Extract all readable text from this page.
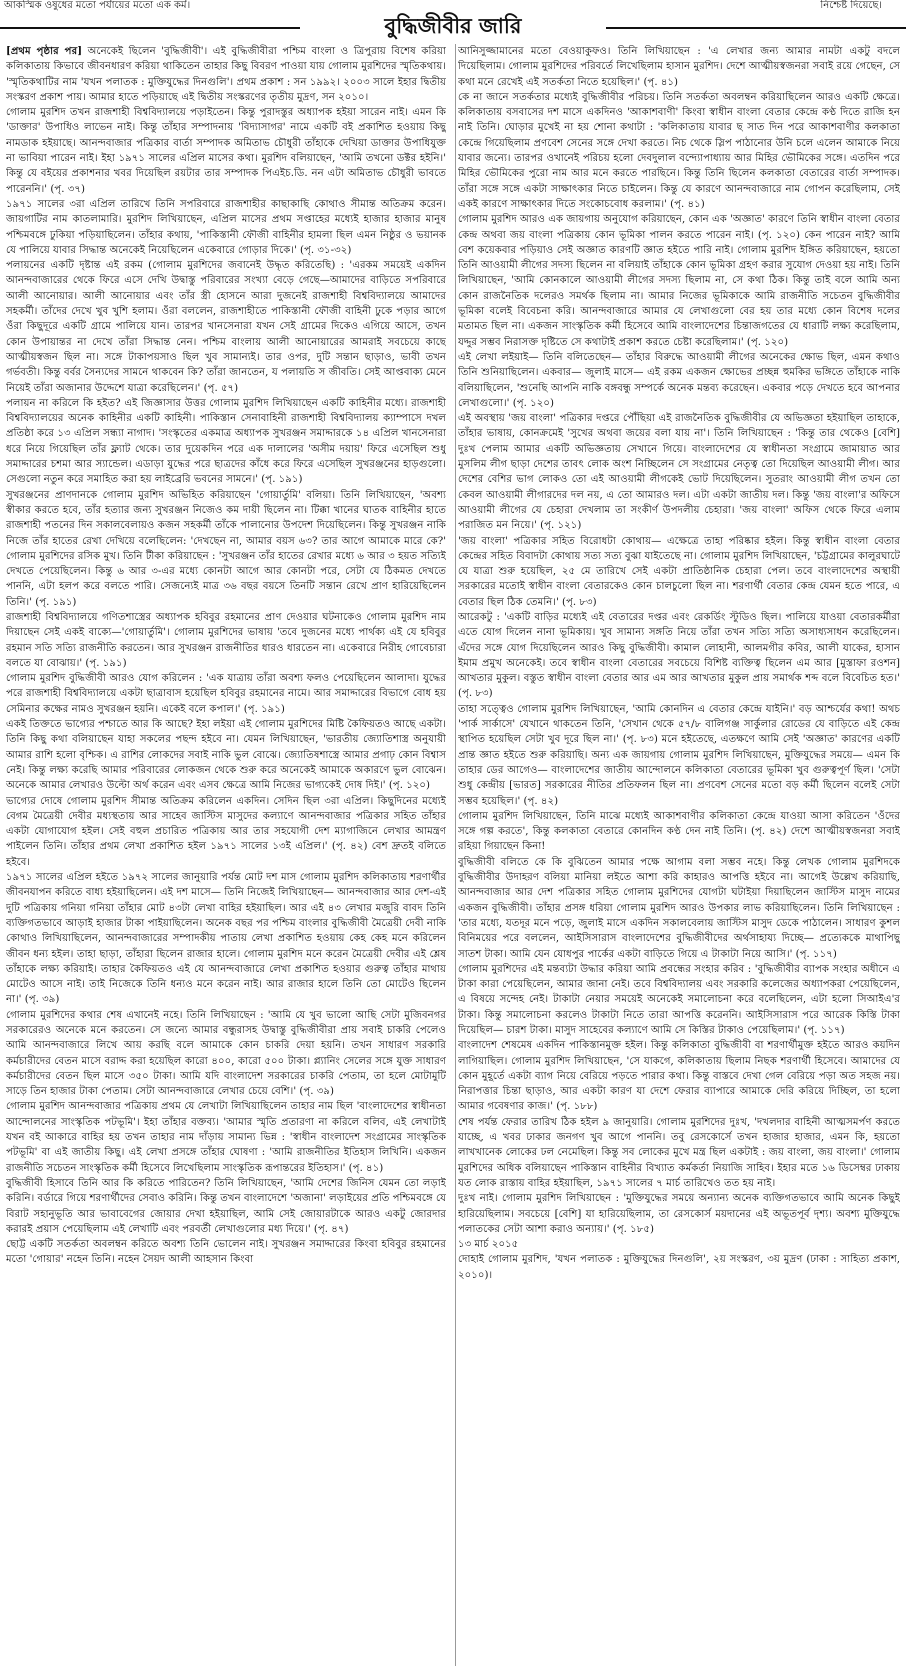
আকস্মিক ওষুধের মতো পর্যায়ের মতো এক কর্ম।	নিশ্চেষ্ট দিয়েছে।
বুদ্ধিজীবীর জারি

[প্রথম পৃষ্ঠার পর] অনেকেই ছিলেন 'বুদ্ধিজীবী'। এই বুদ্ধিজীবীরা পশ্চিম বাংলা ও ত্রিপুরায় বিশেষ করিয়া কলিকাতায় কিভাবে জীবনধারণ করিয়া থাকিতেন তাহার কিছু বিবরণ পাওয়া যায় গোলাম মুরশিদের স্মৃতিকথায়। 'স্মৃতিকথাটির নাম 'যখন পলাতক : মুক্তিযুদ্ধের দিনগুলি'। প্রথম প্রকাশ : সন ১৯৯২। ২০০৩ সালে ইহার দ্বিতীয় সংস্করণ প্রকাশ পায়। আমার হাতে পড়িয়াছে এই দ্বিতীয় সংস্করণের তৃতীয় মুদ্রণ, সন ২০১০।

গোলাম মুরশিদ তখন রাজশাহী বিশ্ববিদ্যালয়ে পড়াইতেন। কিন্তু পুরাদস্তুর অধ্যাপক হইয়া সারেন নাই। এমন কি 'ডাক্তার' উপাধিও লাভেন নাই। কিন্তু তাঁহার সম্পাদনায় 'বিদ্যাসাগর' নামে একটি বই প্রকাশিত হওয়ায় কিছু নামডাক হইয়াছে। আনন্দবাজার পত্রিকার বার্তা সম্পাদক অমিতাভ চৌধুরী তাঁহাকে দেখিয়া ডাক্তার উপাধিযুক্ত না ভাবিয়া পারেন নাই। ইহা ১৯৭১ সালের এপ্রিল মাসের কথা। মুরশিদ বলিয়াছেন, 'আমি তখনো ডক্টর হইনি।' কিন্তু যে বইয়ের প্রকাশনার খবর দিয়েছিল রয়টার তার সম্পাদক পিএইচ.ডি. নন এটা অমিতাভ চৌধুরী ভাবতে পারেননি।' (পৃ. ৩৭)

১৯৭১ সালের ৩রা এপ্রিল তারিখে তিনি সপরিবারে রাজশাহীর কাছাকাছি কোথাও সীমান্ত অতিক্রম করেন। জায়গাটির নাম কাতলামারি। মুরশিদ লিখিয়াছেন, এপ্রিল মাসের প্রথম সপ্তাহের মধ্যেই হাজার হাজার মানুষ পশ্চিমবঙ্গে ঢুকিয়া পড়িয়াছিলেন। তাঁহার কথায়, 'পাকিস্তানী ফৌজী বাহিনীর হামলা ছিল এমন নিষ্ঠুর ও ভয়ানক যে পালিয়ে যাবার সিদ্ধান্ত অনেকেই নিয়েছিলেন একেবারে গোড়ার দিকে।' (পৃ. ৩১-৩২)

পলায়নের একটি দৃষ্টান্ত এই রকম (গোলাম মুরশিদের জবানেই উদ্ধৃত করিতেছি) : 'এরকম সময়েই একদিন আনন্দবাজারের থেকে ফিরে এসে দেখি উদ্বাস্তু পরিবারের সংখ্যা বেড়ে গেছে—আমাদের বাড়িতে সপরিবারে আলী আনোয়ার। আলী আনোয়ার এবং তাঁর স্ত্রী হোসনে আরা দুজনেই রাজশাহী বিশ্ববিদ্যালয়ে আমাদের সহকর্মী। তাঁদের দেখে খুব খুশি হলাম। ওঁরা বললেন, রাজশাহীতে পাকিস্তানী ফৌজী বাহিনী ঢুকে পড়ার আগে ওঁরা কিছুদূরে একটি গ্রামে পালিয়ে যান। তারপর খানসেনারা যখন সেই গ্রামের দিকেও এগিয়ে আসে, তখন কোন উপায়ান্তর না দেখে তাঁরা সিদ্ধান্ত নেন। পশ্চিম বাংলায় আলী আনোয়ারের আমরাই সবচেয়ে কাছে আত্মীয়স্বজন ছিল না। সঙ্গে টাকাপয়সাও ছিল খুব সামান্যই। তার ওপর, দুটি সন্তান ছাড়াও, ভাবী তখন গর্ভবতী। কিন্তু বর্বর সৈন্যদের সামনে থাকবেন কি? তাঁরা জানতেন, য পলায়তি স জীবতি। সেই আপ্তবাক্য মেনে নিয়েই তাঁরা অজানার উদ্দেশে যাত্রা করেছিলেন।' (পৃ. ৫৭)

পলায়ন না করিলে কি হইত? এই জিজ্ঞাসার উত্তর গোলাম মুরশিদ লিখিয়াছেন একটি কাহিনীর মধ্যে। রাজশাহী বিশ্ববিদ্যালয়ের অনেক কাহিনীর একটি কাহিনী। পাকিস্তান সেনাবাহিনী রাজশাহী বিশ্ববিদ্যালয় ক্যাম্পাসে দখল প্রতিষ্ঠা করে ১৩ এপ্রিল সন্ধ্যা নাগাদ। 'সংস্কৃতের একমাত্র অধ্যাপক সুখরঞ্জন সমাদ্দারকে ১৪ এপ্রিল খানসেনারা ধরে নিয়ে গিয়েছিল তাঁর ফ্ল্যাট থেকে। তার দুয়েকদিন পরে এক দালালের 'অসীম দয়ায়' ফিরে এসেছিল শুধু সমাদ্দারের চশমা আর স্যান্ডেল। এডাড়া যুদ্ধের পরে ছাত্রদের কাঁধে করে ফিরে এসেছিল সুখরঞ্জনের হাড়গুলো। সেগুলো নতুন করে সমাহিত করা হয় লাইব্রেরি ভবনের সামনে।' (পৃ. ১৯১)

সুখরঞ্জনের প্রাণদানকে গোলাম মুরশিদ অভিহিত করিয়াছেন 'গোয়ার্তুমি' বলিয়া। তিনি লিখিয়াছেন, 'অবশ্য স্বীকার করতে হবে, তাঁর হত্যার জন্য সুখরঞ্জন নিজেও কম দায়ী ছিলেন না। টিক্কা খানের ঘাতক বাহিনীর হাতে রাজশাহী পতনের দিন সকালবেলায়ও কজন সহকর্মী তাঁকে পালানোর উপদেশ দিয়েছিলেন। কিন্তু সুখরঞ্জন নাকি নিজে তাঁর হাতের রেখা দেখিয়ে বলেছিলেন: 'দেখছেন না, আমার বয়স ৬৩? তার আগে আমাকে মারে কে?' গোলাম মুরশিদের রসিক মুখ। তিনি টীকা করিয়াছেন : 'সুখরঞ্জন তাঁর হাতের রেখার মধ্যে ৬ আর ৩ হয়ত সত্যিই দেখতে পেয়েছিলেন। কিন্তু ৬ আর ৩-এর মধ্যে কোনটা আগে আর কোনটা পরে, সেটা যে ঠিকমত দেখতে পাননি, এটা হলপ করে বলতে পারি। সেজন্যেই মাত্র ৩৬ বছর বয়সে তিনটি সন্তান রেখে প্রাণ হারিয়েছিলেন তিনি।' (পৃ. ১৯১)

রাজশাহী বিশ্ববিদ্যালয়ে গণিতশাস্ত্রের অধ্যাপক হবিবুর রহমানের প্রাণ দেওয়ার ঘটনাকেও গোলাম মুরশিদ নাম দিয়াছেন সেই একই বাক্যে—'গোয়ার্তুমি'। গোলাম মুরশিদের ভাষায় 'তবে দুজনের মধ্যে পার্থক্য এই যে হবিবুর রহমান সতি সত্যি রাজনীতি করতেন। আর সুখরঞ্জন রাজনীতির ধারও ধারতেন না। একেবারে নিরীহ গোবেচারা বলতে যা বোঝায়।' (পৃ. ১৯১)

গোলাম মুরশিদ বুদ্ধিজীবী আরও যোগ করিলেন : 'এক যাত্রায় তাঁরা অবশ্য ফলও পেয়েছিলেন আলাদা। যুদ্ধের পরে রাজশাহী বিশ্ববিদ্যালয়ে একটা ছাত্রাবাস হয়েছিল হবিবুর রহমানের নামে। আর সমাদ্দারের বিভাগে বোধ হয় সেমিনার কক্ষের নামও সুখরঞ্জন হয়নি। একেই বলে কপাল।' (পৃ. ১৯১)

একই তিক্ততে ভাগ্যের পশ্চাতে আর কি আছে? ইহা লইয়া এই গোলাম মুরশিদের মিষ্টি কৈফিয়তও আছে একটা। তিনি কিছু কথা বলিয়াছেন যাহা সকলের পছন্দ হইবে না। যেমন লিখিয়াছেন, 'ভারতীয় জ্যোতিশাস্ত্র অনুযায়ী আমার রাশি হলো বৃশ্চিক। এ রাশির লোকদের সবাই নাকি ভুল বোঝে। জ্যোতিষশাস্ত্রে আমার প্রগাঢ় কোন বিশ্বাস নেই। কিন্তু লক্ষ্য করেছি আমার পরিবারের লোকজন থেকে শুরু করে অনেকেই আমাকে অকারণে ভুল বোঝেন। অনেকে আমার লেখারও উল্টো অর্থ করেন এবং এসব ক্ষেত্রে আমি নিজের ভাগ্যকেই দোষ দিই।' (পৃ. ১২০)

ভাগ্যের দোষে গোলাম মুরশিদ সীমান্ত অতিক্রম করিলেন একদিন। সেদিন ছিল ৩রা এপ্রিল। কিছুদিনের মধ্যেই বেগম মৈত্রেয়ী দেবীর মধ্যস্থতায় আর সাহেব জাস্টিস মাসুদের কল্যাণে আনন্দবাজার পত্রিকার সহিত তাঁহার একটা যোগাযোগ হইল। সেই বহুল প্রচারিত পত্রিকায় আর তার সহযোগী দেশ ম্যাগাজিনে লেখার আমন্ত্রণ পাইলেন তিনি। তাঁহার প্রথম লেখা প্রকাশিত হইল ১৯৭১ সালের ১৩ই এপ্রিল।' (পৃ. ৪২) বেশ দ্রুতই বলিতে হইবে।

১৯৭১ সালের এপ্রিল হইতে ১৯৭২ সালের জানুয়ারি পর্যন্ত মোট দশ মাস গোলাম মুরশিদ কলিকাতায় শরণার্থীর জীবনযাপন করিতে বাধ্য হইয়াছিলেন। এই দশ মাসে— তিনি নিজেই লিখিয়াছেন— আনন্দবাজার আর দেশ-এই দুটি পত্রিকায় গনিয়া গনিয়া তাঁহার মোট ৪৩টা লেখা বাহির হইয়াছিল। আর এই ৪৩ লেখার মজুরি বাবদ তিনি ব্যক্তিগতভাবে আড়াই হাজার টাকা পাইয়াছিলেন। অনেক বছর পর পশ্চিম বাংলার বুদ্ধিজীবী মৈত্রেয়ী দেবী নাকি কোথাও লিখিয়াছিলেন, আনন্দবাজারের সম্পাদকীয় পাতায় লেখা প্রকাশিত হওয়ায় কেহ কেহ মনে করিলেন জীবন ধন্য হইল। তাহা ছাড়া, তাঁহারা ছিলেন রাজার হালে। গোলাম মুরশিদ মনে করেন মৈত্রেয়ী দেবীর এই শ্লেষ তাঁহাকে লক্ষ্য করিয়াই। তাহার কৈফিয়তও এই যে আনন্দবাজারে লেখা প্রকাশিত হওয়ার গুরুত্ব তাঁহার মাথায় মোটেও আসে নাই। তাই নিজেকে তিনি ধন্যও মনে করেন নাই। আর রাজার হালে তিনি তো মোটেও ছিলেন না।' (পৃ. ৩৯)

গোলাম মুরশিদের কথার শেষ এখানেই নহে। তিনি লিখিয়াছেন : 'আমি যে খুব ভালো আছি সেটা মুজিবনগর সরকারেরও অনেকে মনে করতেন। সে জন্যে আমার বন্ধুরাসহ উদ্বাস্তু বুদ্ধিজীবীরা প্রায় সবাই চাকরি পেলেও আমি আনন্দবাজারে লিখে আয় করছি বলে আমাকে কোন চাকরি দেয়া হয়নি। তখন সাধারণ সরকারি কর্মচারীদের বেতন মাসে বরাদ্দ করা হয়েছিল কারো ৪০০, কারো ৫০০ টাকা। প্ল্যানিং সেলের সঙ্গে যুক্ত সাধারণ কর্মচারীদের বেতন ছিল মাসে ৩৫০ টাকা। আমি যদি বাংলাদেশ সরকারের চাকরি পেতাম, তা হলে মোটামুটি সাড়ে তিন হাজার টাকা পেতাম। সেটা আনন্দবাজারে লেখার চেয়ে বেশি।' (পৃ. ৩৯)

গোলাম মুরশিদ আনন্দবাজার পত্রিকায় প্রথম যে লেখাটা লিখিয়াছিলেন তাহার নাম ছিল 'বাংলাদেশের স্বাধীনতা আন্দোলনের সাংস্কৃতিক পটভূমি'। ইহা তাঁহার বক্তব্য। 'আমার স্মৃতি প্রতারণা না করিলে বলিব, এই লেখাটাই যখন বই আকারে বাহির হয় তখন তাহার নাম দাঁড়ায় সামান্য ভিন্ন : 'স্বাধীন বাংলাদেশ সংগ্রামের সাংস্কৃতিক পটভূমি' বা এই জাতীয় কিছু। এই লেখা প্রসঙ্গে তাঁহার ঘোষণা : 'আমি রাজনীতির ইতিহাস লিখিনি। একজন রাজনীতি সচেতন সাংস্কৃতিক কর্মী হিসেবে লিখেছিলাম সাংস্কৃতিক রূপান্তরের ইতিহাস।' (পৃ. ৪১)

বুদ্ধিজীবী হিসাবে তিনি আর কি করিতে পারিতেন? তিনি লিখিয়াছেন, 'আমি দেশের জিনিস যেমন তো লড়াই করিনি। বর্ডারে গিয়ে শরণার্থীদের সেবাও করিনি। কিন্তু তখন বাংলাদেশে 'অজানা' লড়াইয়ের প্রতি পশ্চিমবঙ্গে যে বিরাট সহানুভূতি আর ভাবাবেগের জোয়ার দেখা হইয়াছিল, আমি সেই জোয়ারটাকে আরও একটু জোরদার করারই প্রয়াস পেয়েছিলাম এই লেখাটি এবং পরবর্তী লেখাগুলোর মধ্য দিয়ে।' (পৃ. ৪৭)

ছোট্ট একটি সতর্কতা অবলম্বন করিতে অবশ্য তিনি ভোলেন নাই। সুখরঞ্জন সমাদ্দারের কিংবা হবিবুর রহমানের মতো 'গোয়ার' নহেন তিনি। নহেন সৈয়দ আলী আহসান কিংবা

আনিসুজ্জামানের মতো বেওয়াকুফও। তিনি লিখিয়াছেন : 'এ লেখার জন্য আমার নামটা একটু বদলে দিয়েছিলাম। গোলাম মুরশিদের পরিবর্তে লিখেছিলাম হাসান মুরশিদ। দেশে আত্মীয়স্বজনরা সবাই রয়ে গেছেন, সে কথা মনে রেখেই এই সতর্কতা নিতে হয়েছিল।' (পৃ. ৪১)

কে না জানে সতর্কতার মধ্যেই বুদ্ধিজীবীর পরিচয়। তিনি সতর্কতা অবলম্বন করিয়াছিলেন আরও একটি ক্ষেত্রে। কলিকাতায় বসবাসের দশ মাসে একদিনও 'আকাশবাণী' কিংবা স্বাধীন বাংলা বেতার কেন্দ্রে কণ্ঠ দিতে রাজি হন নাই তিনি। ঘোড়ার মুখেই না হয় শোনা কথাটা : 'কলিকাতায় যাবার ছ সাত দিন পরে আকাশবাণীর কলকাতা কেন্দ্রে গিয়েছিলাম প্রণবেশ সেনের সঙ্গে দেখা করতে। নিচ থেকে স্লিপ পাঠানোর উনি চলে এলেন আমাকে নিয়ে যাবার জন্যে। তারপর ওখানেই পরিচয় হলো দেবদুলাল বন্দ্যোপাধ্যায় আর মিহির ভৌমিকের সঙ্গে। এতদিন পরে মিহির ভৌমিকের পুরো নাম আর মনে করতে পারছিনে। কিন্তু তিনি ছিলেন কলকাতা বেতারের বার্তা সম্পাদক। তাঁরা সঙ্গে সঙ্গে একটা সাক্ষাৎকার নিতে চাইলেন। কিন্তু যে কারণে আনন্দবাজারে নাম গোপন করেছিলাম, সেই একই কারণে সাক্ষাৎকার দিতে সংকোচবোধ করলাম।' (পৃ. ৪১)

গোলাম মুরশিদ আরও এক জায়গায় অনুযোগ করিয়াছেন, কোন এক 'অজ্ঞাত' কারণে তিনি স্বাধীন বাংলা বেতার কেন্দ্র অথবা জয় বাংলা পত্রিকায় কোন ভূমিকা পালন করতে পারেন নাই। (পৃ. ১২০) কেন পারেন নাই? আমি বেশ কয়েকবার পড়িয়াও সেই অজ্ঞাত কারণটি জ্ঞাত হইতে পারি নাই। গোলাম মুরশিদ ইঙ্গিত করিয়াছেন, হয়তো তিনি আওয়ামী লীগের সদস্য ছিলেন না বলিয়াই তাঁহাকে কোন ভূমিকা গ্রহণ করার সুযোগ দেওয়া হয় নাই। তিনি লিখিয়াছেন, 'আমি কোনকালে আওয়ামী লীগের সদস্য ছিলাম না, সে কথা ঠিক। কিন্তু তাই বলে আমি অন্য কোন রাজনৈতিক দলেরও সমর্থক ছিলাম না। আমার নিজের ভূমিকাকে আমি রাজনীতি সচেতন বুদ্ধিজীবীর ভূমিকা বলেই বিবেচনা করি। আনন্দবাজারে আমার যে লেখাগুলো বের হয় তার মধ্যে কোন বিশেষ দলের মতামত ছিল না। একজন সাংস্কৃতিক কর্মী হিসেবে আমি বাংলাদেশের চিন্তাজগতের যে ধারাটি লক্ষ্য করেছিলাম, যদ্দুর সম্ভব নিরাসক্ত দৃষ্টিতে সে কথাটাই প্রকাশ করতে চেষ্টা করেছিলাম।' (পৃ. ১২০)

এই লেখা লইয়াই— তিনি বলিতেছেন— তাঁহার বিরুদ্ধে আওয়ামী লীগের অনেকের ক্ষোভ ছিল, এমন কথাও তিনি শুনিয়াছিলেন। একবার— জুলাই মাসে— এই রকম একজন ক্ষোভের প্রচ্ছন্ন হুমকির ভঙ্গিতে তাঁহাকে নাকি বলিয়াছিলেন, 'শুনেছি আপনি নাকি বঙ্গবন্ধু সম্পর্কে অনেক মন্তব্য করেছেন। একবার পড়ে দেখতে হবে আপনার লেখাগুলো।' (পৃ. ১২০)

এই অবস্থায় 'জয় বাংলা' পত্রিকার দপ্তরে পৌঁছিয়া এই রাজনৈতিক বুদ্ধিজীবীর যে অভিজ্ঞতা হইয়াছিল তাহাকে, তাঁহার ভাষায়, কোনক্রমেই 'সুখের অথবা জয়ের বলা যায় না'। তিনি লিখিয়াছেন : 'কিন্তু তার থেকেও [বেশি] দুঃখ পেলাম আমার একটি অভিজ্ঞতায় সেখানে গিয়ে। বাংলাদেশের যে স্বাধীনতা সংগ্রামে জামায়াত আর মুসলিম লীগ ছাড়া দেশের তাবৎ লোক অংশ নিচ্ছিলেন সে সংগ্রামের নেতৃত্ব তো দিয়েছিল আওয়ামী লীগ। আর দেশের বেশির ভাগ লোকও তো এই আওয়ামী লীগকেই ভোট দিয়েছিলেন। সুতরাং আওয়ামী লীগ তখন তো কেবল আওয়ামী লীগারদের দল নয়, এ তো আমারও দল। এটা একটা জাতীয় দল। কিন্তু 'জয় বাংলা'র অফিসে আওয়ামী লীগের যে চেহারা দেখলাম তা সংকীর্ণ উপদলীয় চেহারা। 'জয় বাংলা' অফিস থেকে ফিরে এলাম পরাজিত মন নিয়ে।' (পৃ. ১২১)

'জয় বাংলা' পত্রিকার সহিত বিরোধটা কোথায়— এক্ষেত্রে তাহা পরিষ্কার হইল। কিন্তু স্বাধীন বাংলা বেতার কেন্দ্রের সহিত বিবাদটা কোথায় সত্য সত্য বুঝা যাইতেছে না। গোলাম মুরশিদ লিখিয়াছেন, 'চট্টগ্রামের কালুরঘাটে যে যাত্রা শুরু হয়েছিল, ২৫ মে তারিখে সেই একটা প্রাতিষ্ঠানিক চেহারা পেল। তবে বাংলাদেশের অস্থায়ী সরকারের মতোই স্বাধীন বাংলা বেতারকেও কোন চালচুলো ছিল না। শরণার্থী বেতার কেন্দ্র যেমন হতে পারে, এ বেতার ছিল ঠিক তেমনি।' (পৃ. ৮৩)

আরেকটু : 'একটি বাড়ির মধ্যেই এই বেতারের দপ্তর এবং রেকর্ডিং স্টুডিও ছিল। পালিয়ে যাওয়া বেতারকর্মীরা এতে যোগ দিলেন নানা ভূমিকায়। খুব সামান্য সঙ্গতি নিয়ে তাঁরা তখন সত্যি সত্যি অসাধ্যসাধন করেছিলেন। এঁদের সঙ্গে যোগ দিয়েছিলেন আরও কিছু বুদ্ধিজীবী। কামাল লোহানী, আলমগীর কবির, আলী যাকের, হাসান ইমাম প্রমুখ অনেকেই। তবে স্বাধীন বাংলা বেতারের সবচেয়ে বিশিষ্ট ব্যক্তিত্ব ছিলেন এম আর [মুস্তাফা রওশন] আখতার মুকুল। বস্তুত স্বাধীন বাংলা বেতার আর এম আর আখতার মুকুল প্রায় সমার্থক শব্দ বলে বিবেচিত হত।' (পৃ. ৮৩)

তাহা সত্ত্বেও গোলাম মুরশিদ লিখিয়াছেন, 'আমি কোনদিন এ বেতার কেন্দ্রে যাইনি।' বড় আশ্চর্যের কথা! অথচ 'পার্ক সার্কাসে' যেখানে থাকতেন তিনি, 'সেখান থেকে ৫৭/৮ বালিগঞ্জ সার্কুলার রোডের যে বাড়িতে এই কেন্দ্র স্থাপিত হয়েছিল সেটা খুব দূরে ছিল না।' (পৃ. ৮৩) মনে হইতেছে, এতক্ষণে আমি সেই 'অজ্ঞাত' কারণের একটি প্রান্ত জ্ঞাত হইতে শুরু করিয়াছি। অন্য এক জায়গায় গোলাম মুরশিদ লিখিয়াছেন, মুক্তিযুদ্ধের সময়ে— এমন কি তাহার ডের আগেও— বাংলাদেশের জাতীয় আন্দোলনে কলিকাতা বেতারের ভূমিকা খুব গুরুত্বপূর্ণ ছিল। 'সেটা শুধু কেন্দ্রীয় [ভারত] সরকারের নীতির প্রতিফলন ছিল না। প্রণবেশ সেনের মতো বড় কর্মী ছিলেন বলেই সেটা সম্ভব হয়েছিল।' (পৃ. ৪২)

গোলাম মুরশিদ লিখিয়াছেন, তিনি মাঝে মধ্যেই আকাশবাণীর কলিকাতা কেন্দ্রে যাওয়া আসা করিতেন 'ওঁদের সঙ্গে গল্প করতে', কিন্তু কলকাতা বেতারে কোনদিন কণ্ঠ দেন নাই তিনি। (পৃ. ৪২) দেশে আত্মীয়স্বজনরা সবাই রহিয়া গিয়াছেন কিনা!

বুদ্ধিজীবী বলিতে কে কি বুঝিতেন আমার পক্ষে আগাম বলা সম্ভব নহে। কিন্তু লেখক গোলাম মুরশিদকে বুদ্ধিজীবীর উদাহরণ বলিয়া মানিয়া লইতে আশা করি কাহারও আপত্তি হইবে না। আগেই উল্লেখ করিয়াছি, আনন্দবাজার আর দেশ পত্রিকার সহিত গোলাম মুরশিদের যোগটা ঘটাইয়া দিয়াছিলেন জাস্টিস মাসুদ নামের একজন বুদ্ধিজীবী। তাঁহার প্রসঙ্গ ধরিয়া গোলাম মুরশিদ আরও উপকার লাভ করিয়াছিলেন। তিনি লিখিয়াছেন : 'তার মধ্যে, যতদূর মনে পড়ে, জুলাই মাসে একদিন সকালবেলায় জাস্টিস মাসুদ ডেকে পাঠালেন। সাধারণ কুশল বিনিময়ের পরে বললেন, আইসিসারাস বাংলাদেশের বুদ্ধিজীবীদের অর্থসাহায্য দিচ্ছে— প্রত্যেককে মাথাপিছু সাতশ টাকা। আমি যেন যোধপুর পার্কের একটা বাড়িতে গিয়ে এ টাকাটা নিয়ে আসি।' (পৃ. ১১৭)

গোলাম মুরশিদের এই মন্তব্যটা উদ্ধার করিয়া আমি প্রবন্ধের সংহার করিব : 'বুদ্ধিজীবীর ব্যাপক সংহার অধীনে এ টাকা কারা পেয়েছিলেন, আমার জানা নেই। তবে বিশ্ববিদ্যালয় এবং সরকারি কলেজের অধ্যাপকরা পেয়েছিলেন, এ বিষয়ে সন্দেহ নেই। টাকাটা নেয়ার সময়েই অনেকেই সমালোচনা করে বলেছিলেন, এটা হলো সিআইএ'র টাকা। কিন্তু সমালোচনা করলেও টাকাটা নিতে তারা আপত্তি করেননি। আইসিসারাস পরে আরেক কিস্তি টাকা দিয়েছিল— চারশ টাকা। মাসুদ সাহেবের কল্যাণে আমি সে কিস্তির টাকাও পেয়েছিলাম।' (পৃ. ১১৭)

বাংলাদেশ শেষমেষ একদিন পাকিস্তানমুক্ত হইল। কিন্তু কলিকাতা বুদ্ধিজীবী বা শরণার্থীমুক্ত হইতে আরও কয়দিন লাগিয়াছিল। গোলাম মুরশিদ লিখিয়াছেন, 'সে যাকগে, কলিকাতায় ছিলাম নিছক শরণার্থী হিসেবে। আমাদের যে কোন মুহূর্তে একটা ব্যাগ নিয়ে বেরিয়ে পড়তে পারার কথা। কিন্তু বাস্তবে দেখা গেল বেরিয়ে পড়া অত সহজ নয়। নিরাপত্তার চিন্তা ছাড়াও, আর একটা কারণ যা দেশে ফেরার ব্যাপারে আমাকে দেরি করিয়ে দিচ্ছিল, তা হলো আমার গবেষণার কাজ।' (পৃ. ১৮৮)

শেষ পর্যন্ত ফেরার তারিখ ঠিক হইল ৯ জানুয়ারি। গোলাম মুরশিদের দুঃখ, 'দখলদার বাহিনী আত্মসমর্পণ করতে যাচ্ছে, এ খবর ঢাকার জনগণ খুব আগে পাননি। তবু রেসকোর্সে তখন হাজার হাজার, এমন কি, হয়তো লাখখানেক লোকের ঢল নেমেছিল। কিন্তু সব লোকের মুখে মন্ত্র ছিল একটাই : জয় বাংলা, জয় বাংলা।' গোলাম মুরশিদের অধিক বলিয়াছেন পাকিস্তান বাহিনীর বিখ্যাত কর্মকর্তা নিয়াজি সাহিব। ইহার মতে ১৬ ডিসেম্বর ঢাকায় যত লোক রাস্তায় বাহির হইয়াছিল, ১৯৭১ সালের ৭ মার্চ তারিখেও তত হয় নাই।

দুঃখ নাই। গোলাম মুরশিদ লিখিয়াছেন : 'মুক্তিযুদ্ধের সময়ে অন্যান্য অনেক ব্যক্তিগতভাবে আমি অনেক কিছুই হারিয়েছিলাম। সবচেয়ে [বেশি] যা হারিয়েছিলাম, তা রেসকোর্স ময়দানের এই অভূতপূর্ব দৃশ্য। অবশ্য মুক্তিযুদ্ধে পলাতকের সেটা আশা করাও অন্যায়।' (পৃ. ১৮৫)

১৩ মার্চ ২০১৫

দোহাই গোলাম মুরশিদ, 'যখন পলাতক : মুক্তিযুদ্ধের দিনগুলি', ২য় সংস্করণ, ৩য় মুদ্রণ (ঢাকা : সাহিত্য প্রকাশ, ২০১০)।
